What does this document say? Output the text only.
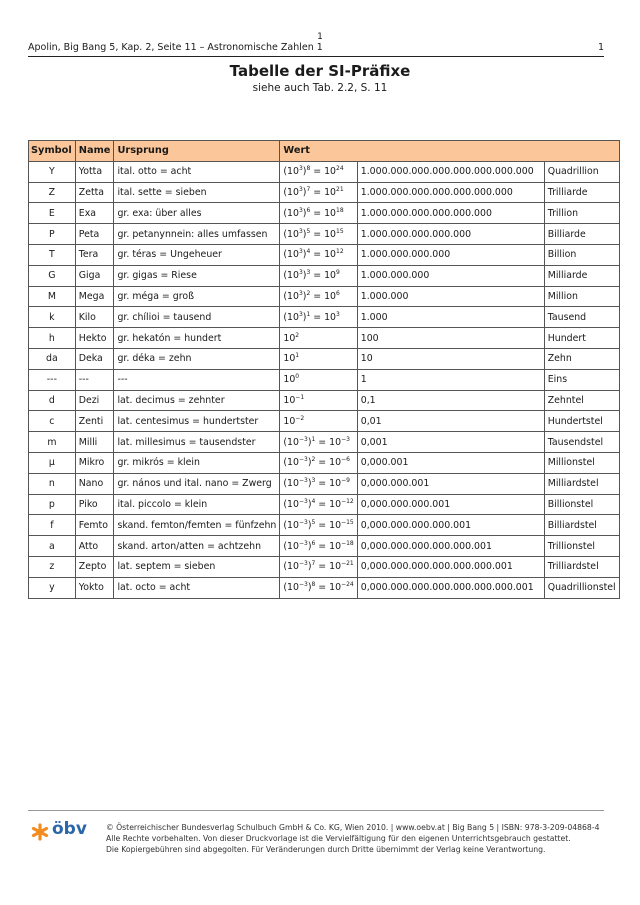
1
Apolin, Big Bang 5, Kap. 2, Seite 11 – Astronomische Zahlen 1	1
Tabelle der SI-Präfixe
siehe auch Tab. 2.2, S. 11
Symbol	Name	Ursprung	Wert		
Y	Yotta	ital. otto = acht	$(10^3)^8 = 10^{24}$	1.000.000.000.000.000.000.000.000	Quadrillion
Z	Zetta	ital. sette = sieben	$(10^3)^7 = 10^{21}$	1.000.000.000.000.000.000.000	Trilliarde
E	Exa	gr. exa: über alles	$(10^3)^6 = 10^{18}$	1.000.000.000.000.000.000	Trillion
P	Peta	gr. petanynnein: alles umfassen	$(10^3)^5 = 10^{15}$	1.000.000.000.000.000	Billiarde
T	Tera	gr. téras = Ungeheuer	$(10^3)^4 = 10^{12}$	1.000.000.000.000	Billion
G	Giga	gr. gigas = Riese	$(10^3)^3 = 10^9$	1.000.000.000	Milliarde
M	Mega	gr. méga = groß	$(10^3)^2 = 10^6$	1.000.000	Million
k	Kilo	gr. chílioi = tausend	$(10^3)^1 = 10^3$	1.000	Tausend
h	Hekto	gr. hekatón = hundert	$10^2$	100	Hundert
da	Deka	gr. déka = zehn	$10^1$	10	Zehn
---	---	---	$10^0$	1	Eins
d	Dezi	lat. decimus = zehnter	$10^{-1}$	0,1	Zehntel
c	Zenti	lat. centesimus = hundertster	$10^{-2}$	0,01	Hundertstel
m	Milli	lat. millesimus = tausendster	$(10^{-3})^1 = 10^{-3}$	0,001	Tausendstel
μ	Mikro	gr. mikrós = klein	$(10^{-3})^2 = 10^{-6}$	0,000.001	Millionstel
n	Nano	gr. nános und ital. nano = Zwerg	$(10^{-3})^3 = 10^{-9}$	0,000.000.001	Milliardstel
p	Piko	ital. piccolo = klein	$(10^{-3})^4 = 10^{-12}$	0,000.000.000.001	Billionstel
f	Femto	skand. femton/femten = fünfzehn	$(10^{-3})^5 = 10^{-15}$	0,000.000.000.000.001	Billiardstel
a	Atto	skand. arton/atten = achtzehn	$(10^{-3})^6 = 10^{-18}$	0,000.000.000.000.000.001	Trillionstel
z	Zepto	lat. septem = sieben	$(10^{-3})^7 = 10^{-21}$	0,000.000.000.000.000.000.001	Trilliardstel
y	Yokto	lat. octo = acht	$(10^{-3})^8 = 10^{-24}$	0,000.000.000.000.000.000.000.001	Quadrillionstel
öbv © Österreichischer Bundesverlag Schulbuch GmbH & Co. KG, Wien 2010. | www.oebv.at | Big Bang 5 | ISBN: 978-3-209-04868-4
Alle Rechte vorbehalten. Von dieser Druckvorlage ist die Vervielfältigung für den eigenen Unterrichtsgebrauch gestattet.
Die Kopiergebühren sind abgegolten. Für Veränderungen durch Dritte übernimmt der Verlag keine Verantwortung.
